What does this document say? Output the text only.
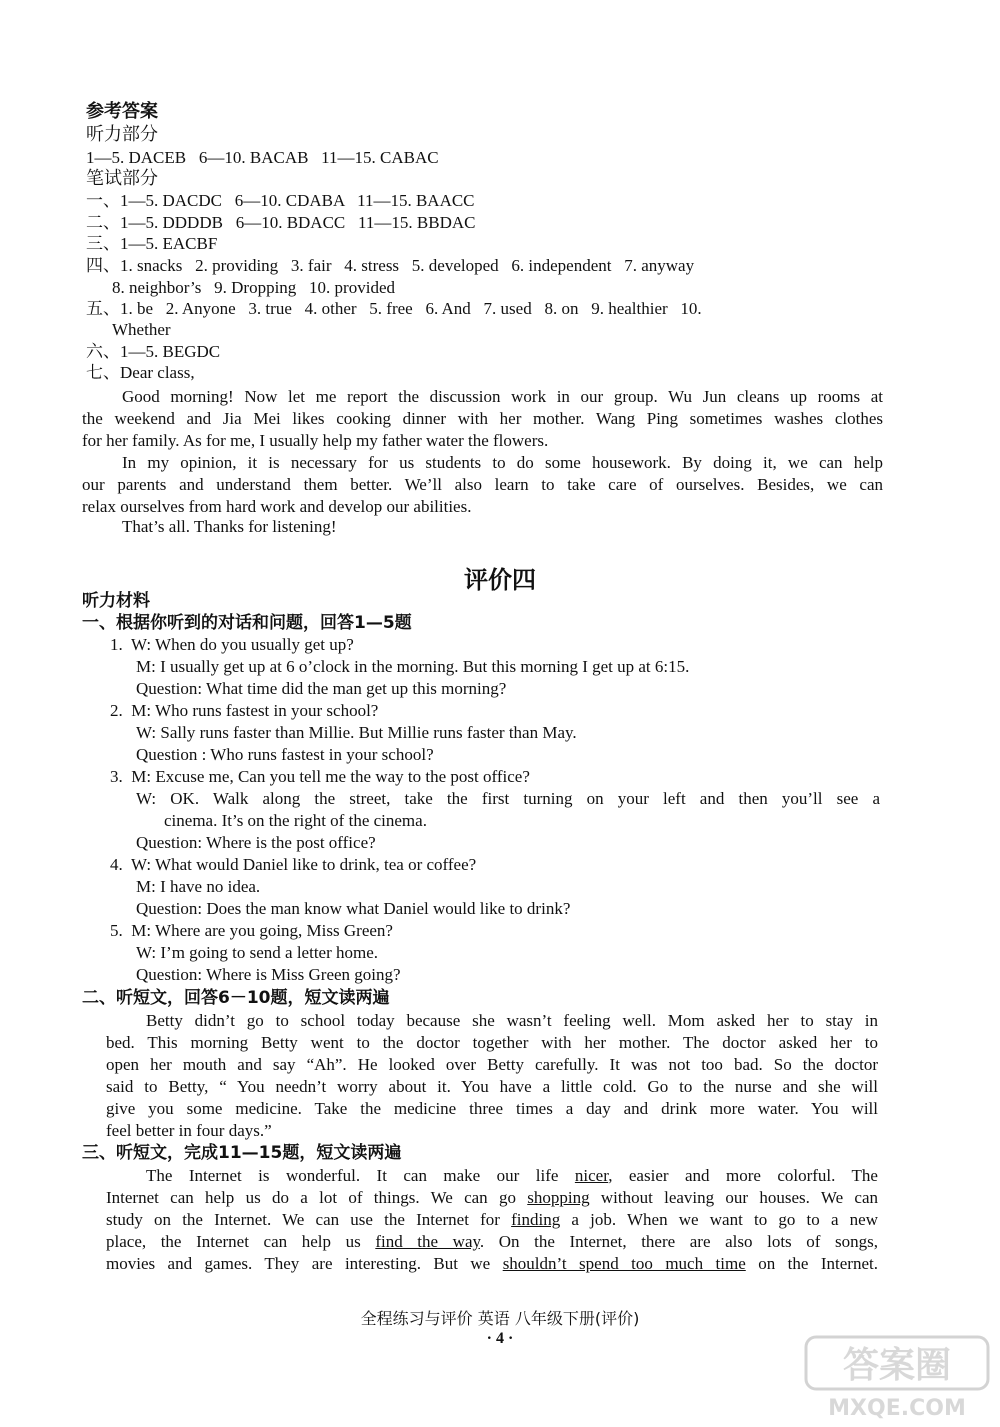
参考答案
听力部分
1—5. DACEB   6—10. BACAB   11—15. CABAC
笔试部分
一、1—5. DACDC   6—10. CDABA   11—15. BAACC
二、1—5. DDDDB   6—10. BDACC   11—15. BBDAC
三、1—5. EACBF
四、1. snacks   2. providing   3. fair   4. stress   5. developed   6. independent   7. anyway
8. neighbor’s   9. Dropping   10. provided
五、1. be   2. Anyone   3. true   4. other   5. free   6. And   7. used   8. on   9. healthier   10.
Whether
六、1—5. BEGDC
七、Dear class,
Good morning! Now let me report the discussion work in our group. Wu Jun cleans up rooms at
the weekend and Jia Mei likes cooking dinner with her mother. Wang Ping sometimes washes clothes
for her family. As for me, I usually help my father water the flowers.
In my opinion, it is necessary for us students to do some housework. By doing it, we can help
our parents and understand them better. We’ll also learn to take care of ourselves. Besides, we can
relax ourselves from hard work and develop our abilities.
That’s all. Thanks for listening!
评价四
听力材料
一、根据你听到的对话和问题，回答1—5题
1.  W: When do you usually get up?
M: I usually get up at 6 o’clock in the morning. But this morning I get up at 6:15.
Question: What time did the man get up this morning?
2.  M: Who runs fastest in your school?
W: Sally runs faster than Millie. But Millie runs faster than May.
Question : Who runs fastest in your school?
3.  M: Excuse me, Can you tell me the way to the post office?
W: OK. Walk along the street, take the first turning on your left and then you’ll see a
cinema. It’s on the right of the cinema.
Question: Where is the post office?
4.  W: What would Daniel like to drink, tea or coffee?
M: I have no idea.
Question: Does the man know what Daniel would like to drink?
5.  M: Where are you going, Miss Green?
W: I’m going to send a letter home.
Question: Where is Miss Green going?
二、听短文，回答6－10题，短文读两遍
Betty didn’t go to school today because she wasn’t feeling well. Mom asked her to stay in
bed. This morning Betty went to the doctor together with her mother. The doctor asked her to
open her mouth and say “Ah”. He looked over Betty carefully. It was not too bad. So the doctor
said to Betty, “ You needn’t worry about it. You have a little cold. Go to the nurse and she will
give you some medicine. Take the medicine three times a day and drink more water. You will
feel better in four days.”
三、听短文，完成11—15题，短文读两遍
The Internet is wonderful. It can make our life nicer, easier and more colorful. The
Internet can help us do a lot of things. We can go shopping without leaving our houses. We can
study on the Internet. We can use the Internet for finding a job. When we want to go to a new
place, the Internet can help us find the way. On the Internet, there are also lots of songs,
movies and games. They are interesting. But we shouldn’t spend too much time on the Internet.
全程练习与评价 英语 八年级下册(评价)
· 4 ·
答案圈
MXQE.COM
